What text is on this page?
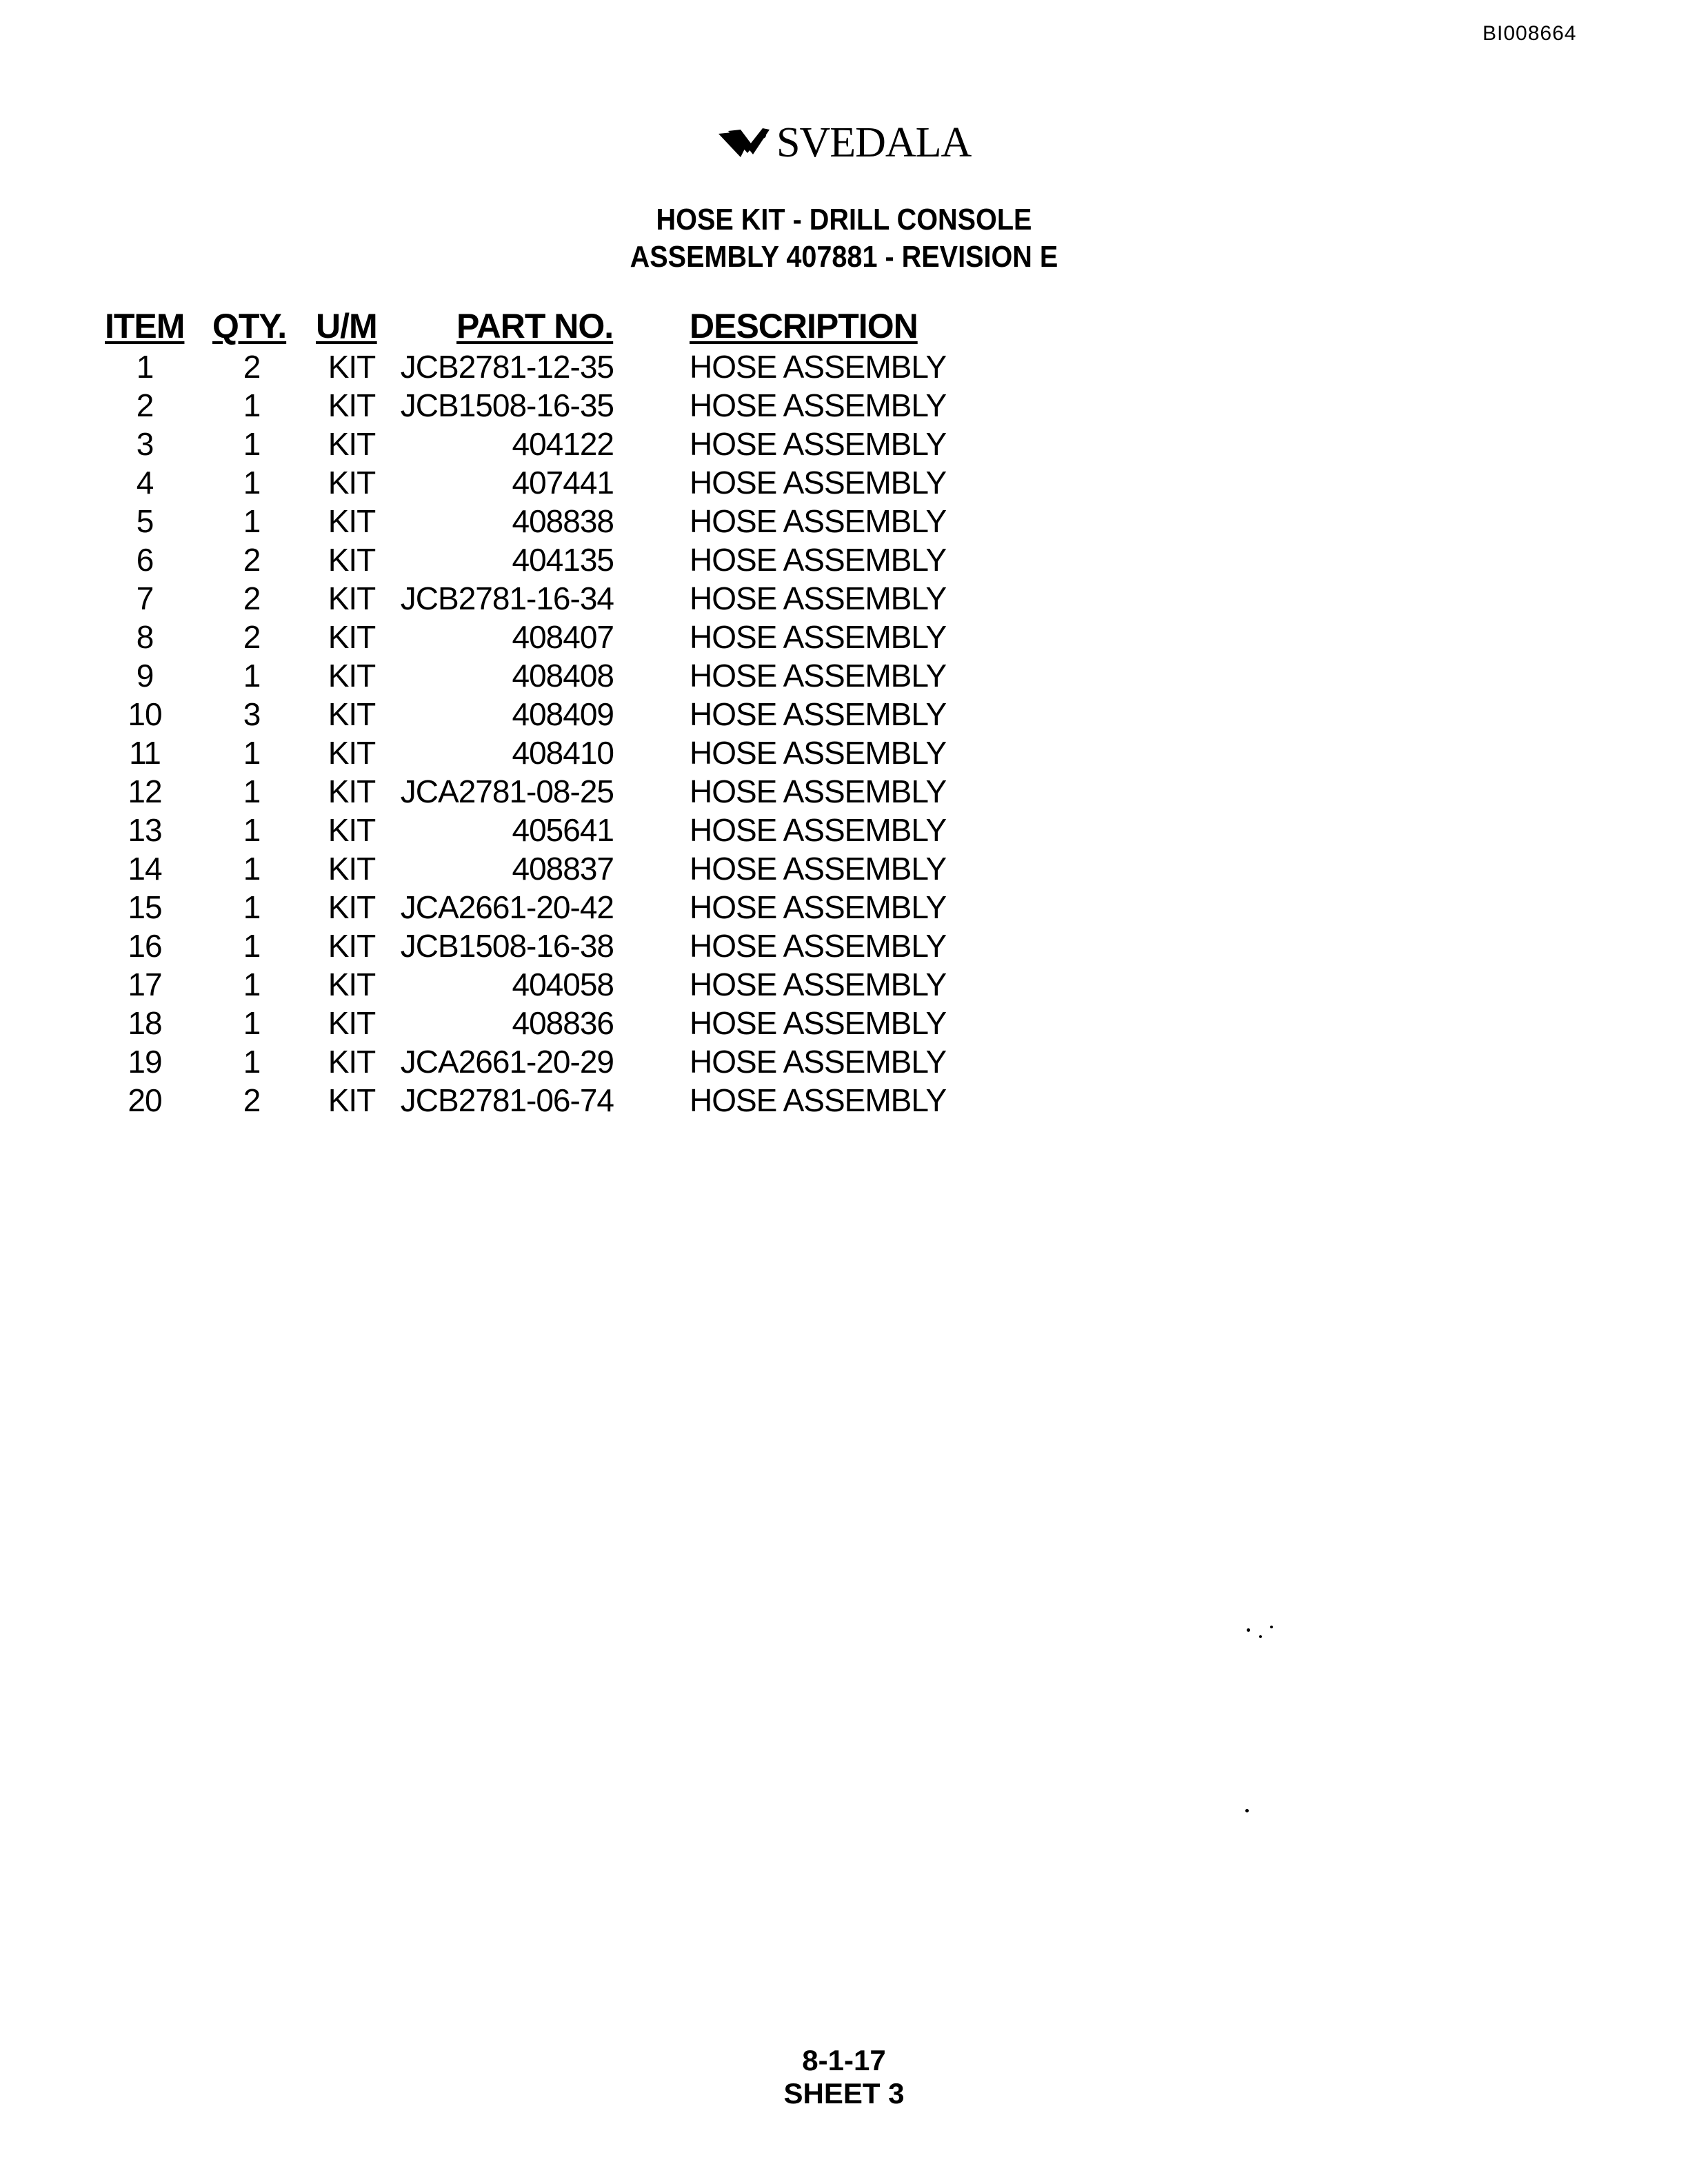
BI008664
SVEDALA
HOSE KIT - DRILL CONSOLE
ASSEMBLY 407881 - REVISION E
ITEM QTY. U/M PART NO. DESCRIPTION
1	2	KIT JCB2781-12-35 HOSE ASSEMBLY
2	1	KIT JCB1508-16-35 HOSE ASSEMBLY
3	1	KIT	404122 HOSE ASSEMBLY
4	1	KIT	407441 HOSE ASSEMBLY
5	1	KIT	408838 HOSE ASSEMBLY
6	2	KIT	404135 HOSE ASSEMBLY
7	2	KIT JCB2781-16-34 HOSE ASSEMBLY
8	2	KIT	408407 HOSE ASSEMBLY
9	1	KIT	408408 HOSE ASSEMBLY
10	3	KIT	408409 HOSE ASSEMBLY
11	1	KIT	408410 HOSE ASSEMBLY
12	1	KIT JCA2781-08-25 HOSE ASSEMBLY
13	1	KIT	405641 HOSE ASSEMBLY
14	1	KIT	408837 HOSE ASSEMBLY
15	1	KIT JCA2661-20-42 HOSE ASSEMBLY
16	1	KIT JCB1508-16-38 HOSE ASSEMBLY
17	1	KIT	404058 HOSE ASSEMBLY
18	1	KIT	408836 HOSE ASSEMBLY
19	1	KIT JCA2661-20-29 HOSE ASSEMBLY
20	2	KIT JCB2781-06-74 HOSE ASSEMBLY
8-1-17
SHEET 3
